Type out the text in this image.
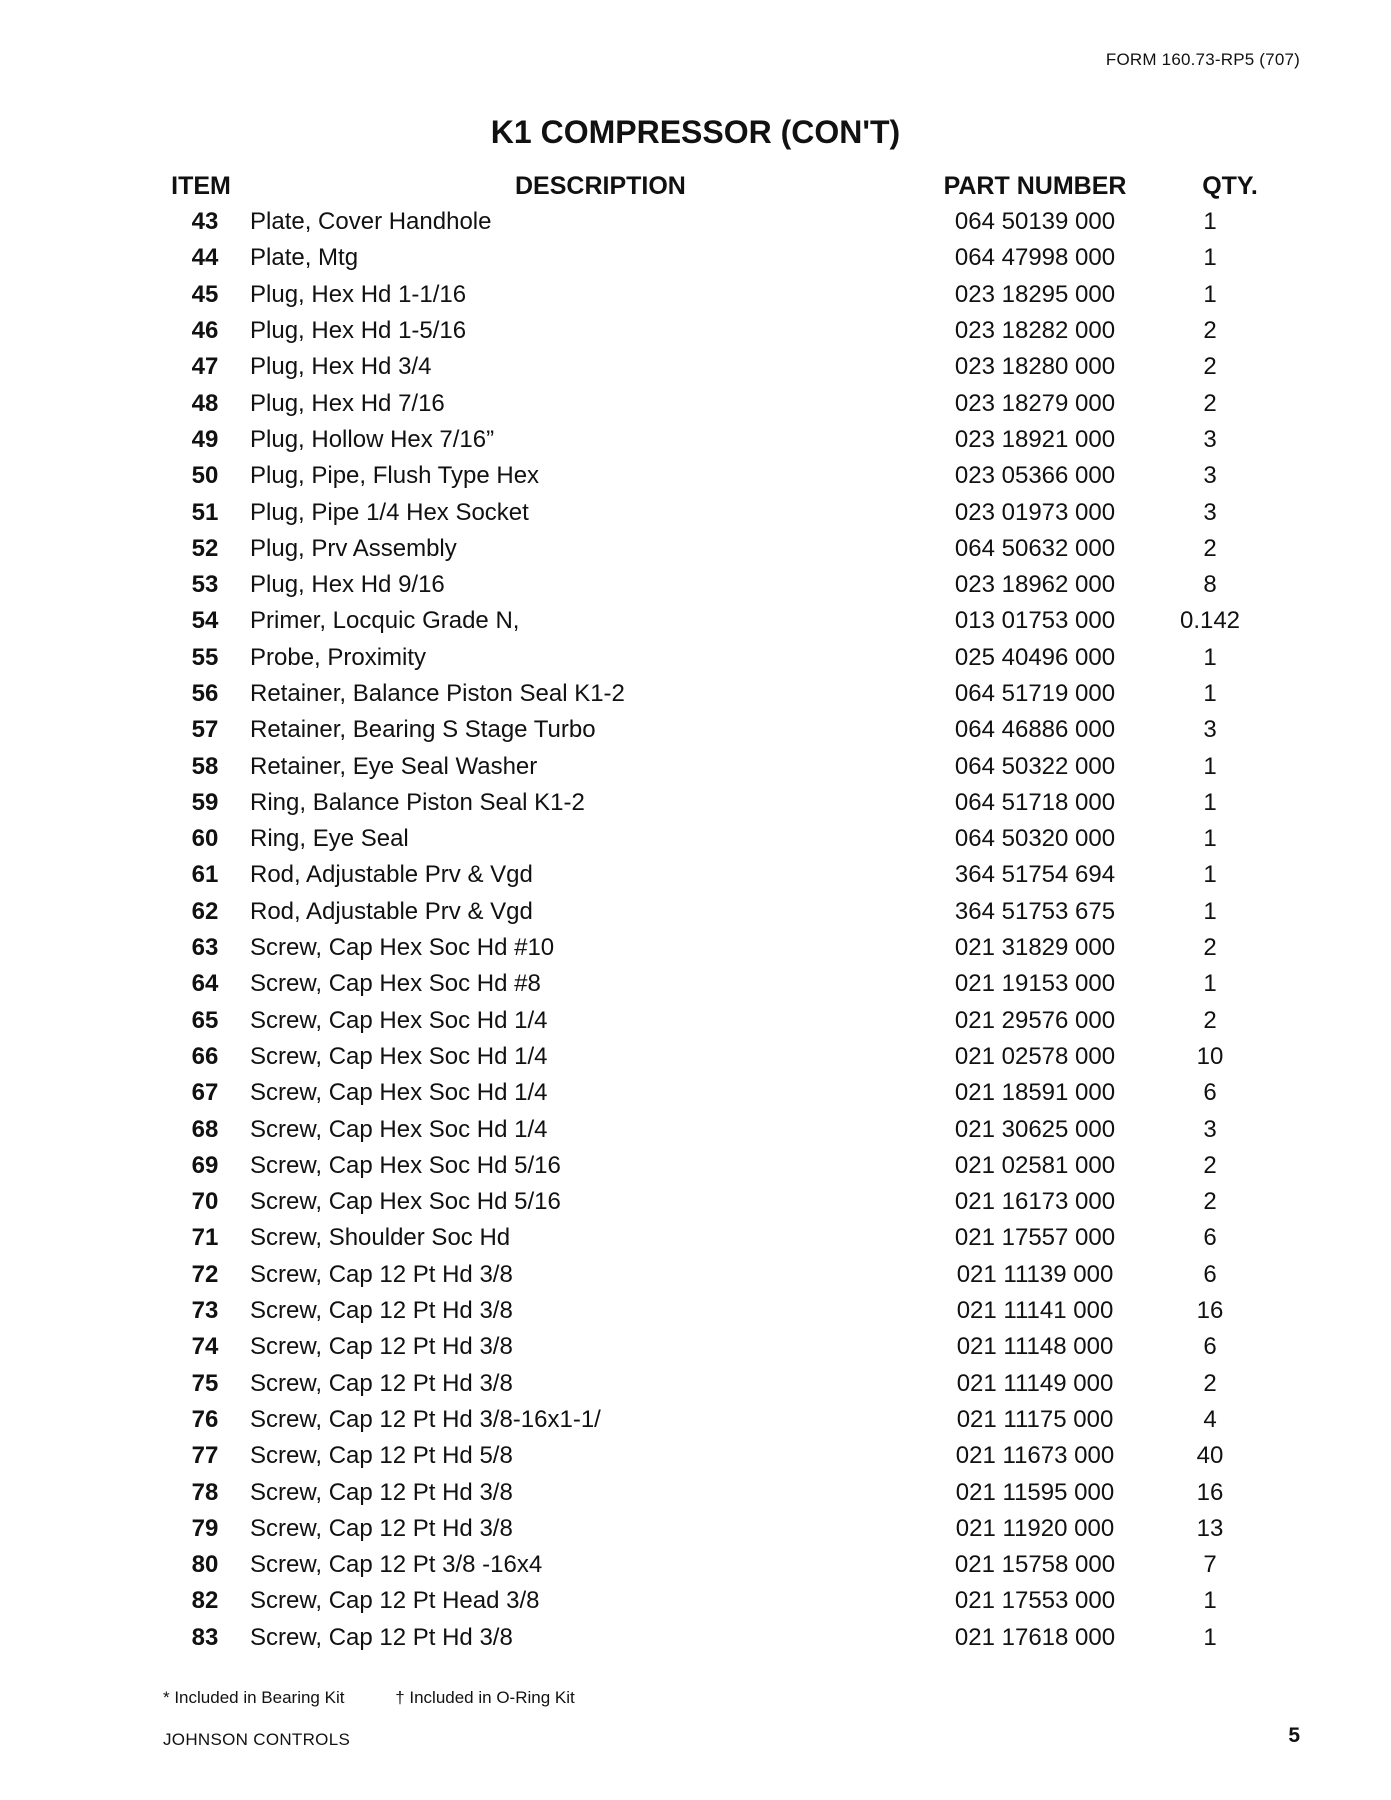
FORM 160.73-RP5 (707)
K1 COMPRESSOR (CON'T)
ITEM	DESCRIPTION	PART NUMBER	QTY.
43	Plate, Cover Handhole	064 50139 000	1
44	Plate, Mtg	064 47998 000	1
45	Plug, Hex Hd 1-1/16	023 18295 000	1
46	Plug, Hex Hd 1-5/16	023 18282 000	2
47	Plug, Hex Hd 3/4	023 18280 000	2
48	Plug, Hex Hd 7/16	023 18279 000	2
49	Plug, Hollow Hex 7/16”	023 18921 000	3
50	Plug, Pipe, Flush Type Hex	023 05366 000	3
51	Plug, Pipe 1/4 Hex Socket	023 01973 000	3
52	Plug, Prv Assembly	064 50632 000	2
53	Plug, Hex Hd 9/16	023 18962 000	8
54	Primer, Locquic Grade N,	013 01753 000	0.142
55	Probe, Proximity	025 40496 000	1
56	Retainer, Balance Piston Seal K1-2	064 51719 000	1
57	Retainer, Bearing S Stage Turbo	064 46886 000	3
58	Retainer, Eye Seal Washer	064 50322 000	1
59	Ring, Balance Piston Seal K1-2	064 51718 000	1
60	Ring, Eye Seal	064 50320 000	1
61	Rod, Adjustable Prv & Vgd	364 51754 694	1
62	Rod, Adjustable Prv & Vgd	364 51753 675	1
63	Screw, Cap Hex Soc Hd #10	021 31829 000	2
64	Screw, Cap Hex Soc Hd #8	021 19153 000	1
65	Screw, Cap Hex Soc Hd 1/4	021 29576 000	2
66	Screw, Cap Hex Soc Hd 1/4	021 02578 000	10
67	Screw, Cap Hex Soc Hd 1/4	021 18591 000	6
68	Screw, Cap Hex Soc Hd 1/4	021 30625 000	3
69	Screw, Cap Hex Soc Hd 5/16	021 02581 000	2
70	Screw, Cap Hex Soc Hd 5/16	021 16173 000	2
71	Screw, Shoulder Soc Hd	021 17557 000	6
72	Screw, Cap 12 Pt Hd 3/8	021 11139 000	6
73	Screw, Cap 12 Pt Hd 3/8	021 11141 000	16
74	Screw, Cap 12 Pt Hd 3/8	021 11148 000	6
75	Screw, Cap 12 Pt Hd 3/8	021 11149 000	2
76	Screw, Cap 12 Pt Hd 3/8-16x1-1/	021 11175 000	4
77	Screw, Cap 12 Pt Hd 5/8	021 11673 000	40
78	Screw, Cap 12 Pt Hd 3/8	021 11595 000	16
79	Screw, Cap 12 Pt Hd 3/8	021 11920 000	13
80	Screw, Cap 12 Pt 3/8 -16x4	021 15758 000	7
82	Screw, Cap 12 Pt Head 3/8	021 17553 000	1
83	Screw, Cap 12 Pt Hd 3/8	021 17618 000	1
* Included in Bearing Kit	† Included in O-Ring Kit
JOHNSON CONTROLS	5
